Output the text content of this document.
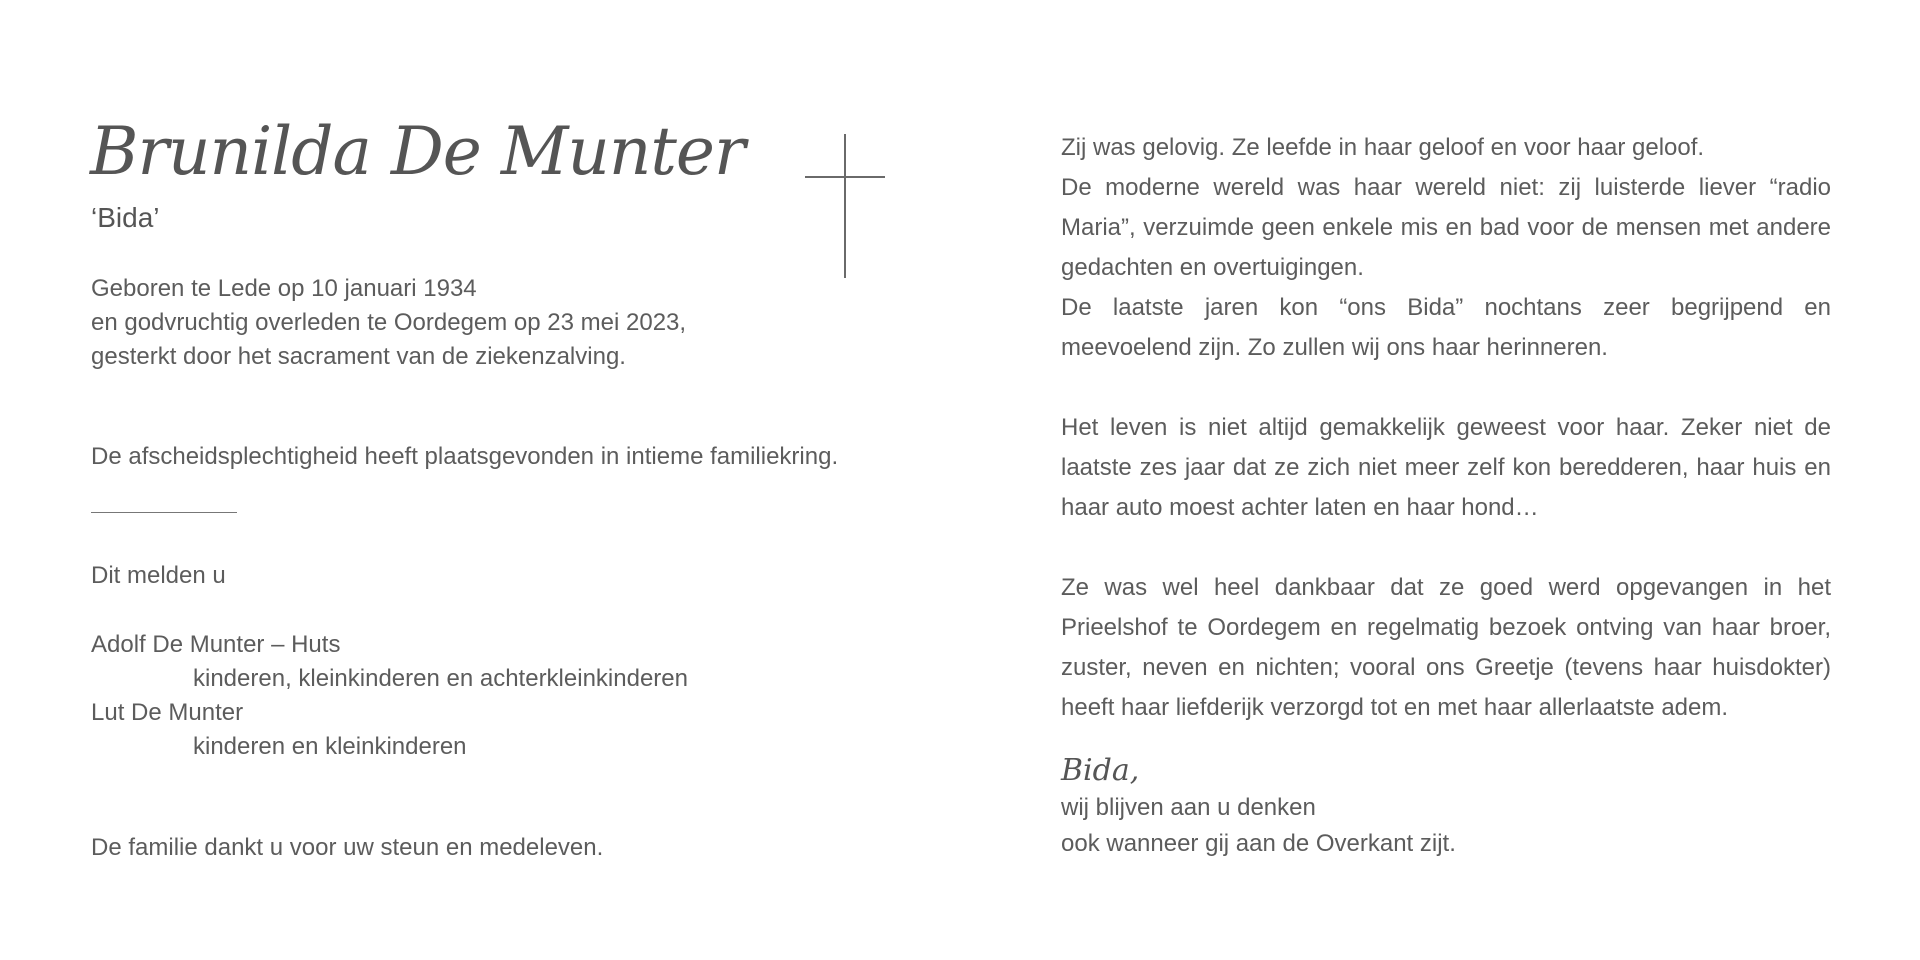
Brunilda De Munter
‘Bida’
Geboren te Lede op 10 januari 1934
en godvruchtig overleden te Oordegem op 23 mei 2023,
gesterkt door het sacrament van de ziekenzalving.
De afscheidsplechtigheid heeft plaatsgevonden in intieme familiekring.
Dit melden u
Adolf De Munter – Huts
kinderen, kleinkinderen en achterkleinkinderen
Lut De Munter
kinderen en kleinkinderen
De familie dankt u voor uw steun en medeleven.

Zij was gelovig. Ze leefde in haar geloof en voor haar geloof.

De moderne wereld was haar wereld niet: zij luisterde liever “radio Maria”, verzuimde geen enkele mis en bad voor de mensen met andere gedachten en overtuigingen.

De laatste jaren kon “ons Bida” nochtans zeer begrijpend en meevoelend zijn. Zo zullen wij ons haar herinneren.

Het leven is niet altijd gemakkelijk geweest voor haar. Zeker niet de laatste zes jaar dat ze zich niet meer zelf kon beredderen, haar huis en haar auto moest achter laten en haar hond…

Ze was wel heel dankbaar dat ze goed werd opgevangen in het Prieelshof te Oordegem en regelmatig bezoek ontving van haar broer, zuster, neven en nichten; vooral ons Greetje (tevens haar huisdokter) heeft haar liefderijk verzorgd tot en met haar allerlaatste adem.

Bida,
wij blijven aan u denken
ook wanneer gij aan de Overkant zijt.
